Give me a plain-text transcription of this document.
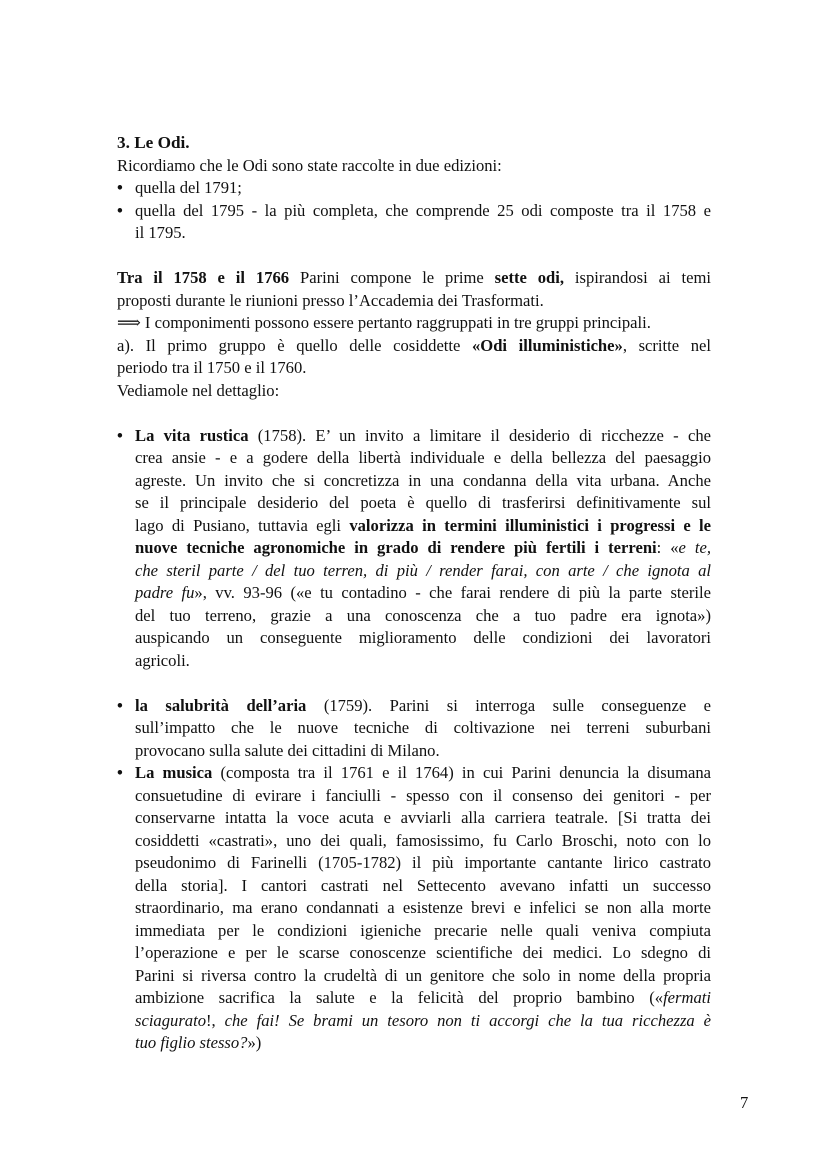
3. Le Odi.
Ricordiamo che le Odi sono state raccolte in due edizioni:
• quella del 1791;
• quella del 1795 - la più completa, che comprende 25 odi composte tra il 1758 e
il 1795.
Tra il 1758 e il 1766 Parini compone le prime sette odi, ispirandosi ai temi
proposti durante le riunioni presso l’Accademia dei Trasformati.
⟹ I componimenti possono essere pertanto raggruppati in tre gruppi principali.
a). Il primo gruppo è quello delle cosiddette «Odi illuministiche», scritte nel
periodo tra il 1750 e il 1760.
Vediamole nel dettaglio:
• La vita rustica (1758). E’ un invito a limitare il desiderio di ricchezze - che
crea ansie - e a godere della libertà individuale e della bellezza del paesaggio
agreste. Un invito che si concretizza in una condanna della vita urbana. Anche
se il principale desiderio del poeta è quello di trasferirsi definitivamente sul
lago di Pusiano, tuttavia egli valorizza in termini illuministici i progressi e le
nuove tecniche agronomiche in grado di rendere più fertili i terreni: «e te,
che steril parte / del tuo terren, di più / render farai, con arte / che ignota al
padre fu», vv. 93-96 («e tu contadino - che farai rendere di più la parte sterile
del tuo terreno, grazie a una conoscenza che a tuo padre era ignota»)
auspicando un conseguente miglioramento delle condizioni dei lavoratori
agricoli.
• la salubrità dell’aria (1759). Parini si interroga sulle conseguenze e
sull’impatto che le nuove tecniche di coltivazione nei terreni suburbani
provocano sulla salute dei cittadini di Milano.
• La musica (composta tra il 1761 e il 1764) in cui Parini denuncia la disumana
consuetudine di evirare i fanciulli - spesso con il consenso dei genitori - per
conservarne intatta la voce acuta e avviarli alla carriera teatrale. [Si tratta dei
cosiddetti «castrati», uno dei quali, famosissimo, fu Carlo Broschi, noto con lo
pseudonimo di Farinelli (1705-1782) il più importante cantante lirico castrato
della storia]. I cantori castrati nel Settecento avevano infatti un successo
straordinario, ma erano condannati a esistenze brevi e infelici se non alla morte
immediata per le condizioni igieniche precarie nelle quali veniva compiuta
l’operazione e per le scarse conoscenze scientifiche dei medici. Lo sdegno di
Parini si riversa contro la crudeltà di un genitore che solo in nome della propria
ambizione sacrifica la salute e la felicità del proprio bambino («fermati
sciagurato!, che fai! Se brami un tesoro non ti accorgi che la tua ricchezza è
tuo figlio stesso?»)
7
